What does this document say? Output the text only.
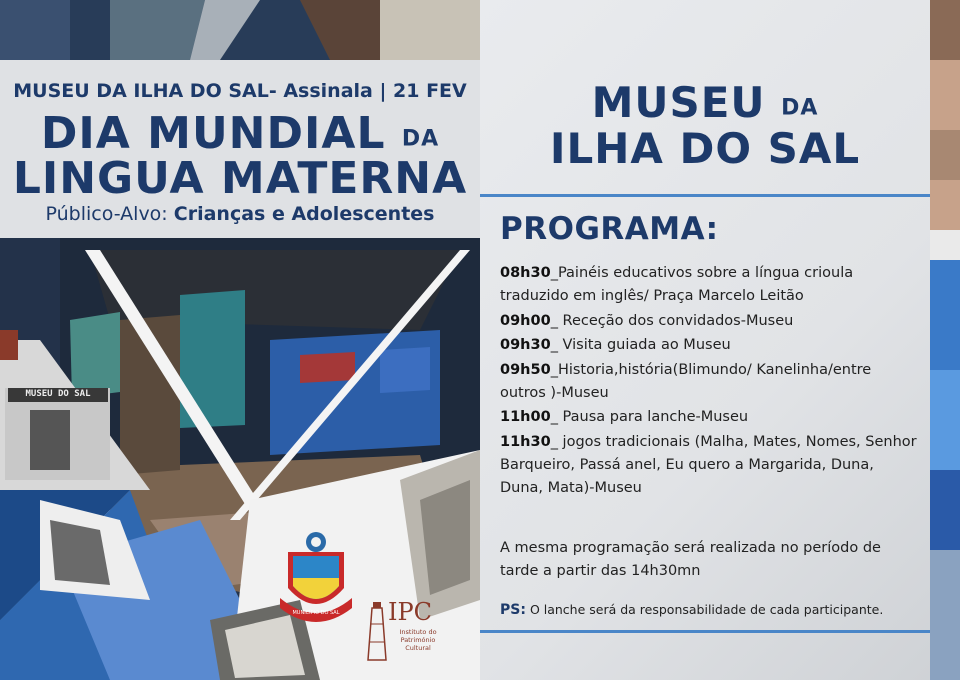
MUSEU DO SAL
MUSEU DA ILHA DO SAL- Assinala | 21 FEV
DIA MUNDIAL DA
LINGUA MATERNA
Público-Alvo: Crianças e Adolescentes
MUNICÍPIO DO SAL	IPC
Instituto do Património Cultural
MUSEU DA
ILHA DO SAL
PROGRAMA:
08h30_Painéis educativos sobre a língua crioula traduzido em inglês/ Praça Marcelo Leitão
09h00_ Receção dos convidados-Museu
09h30_ Visita guiada ao Museu
09h50_Historia,história(Blimundo/ Kanelinha/entre outros )-Museu
11h00_ Pausa para lanche-Museu
11h30_ jogos tradicionais (Malha, Mates, Nomes, Senhor Barqueiro, Passá anel, Eu quero a Margarida, Duna, Duna, Mata)-Museu
A mesma programação será realizada no período de tarde a partir das 14h30mn
PS: O lanche será da responsabilidade de cada participante.
